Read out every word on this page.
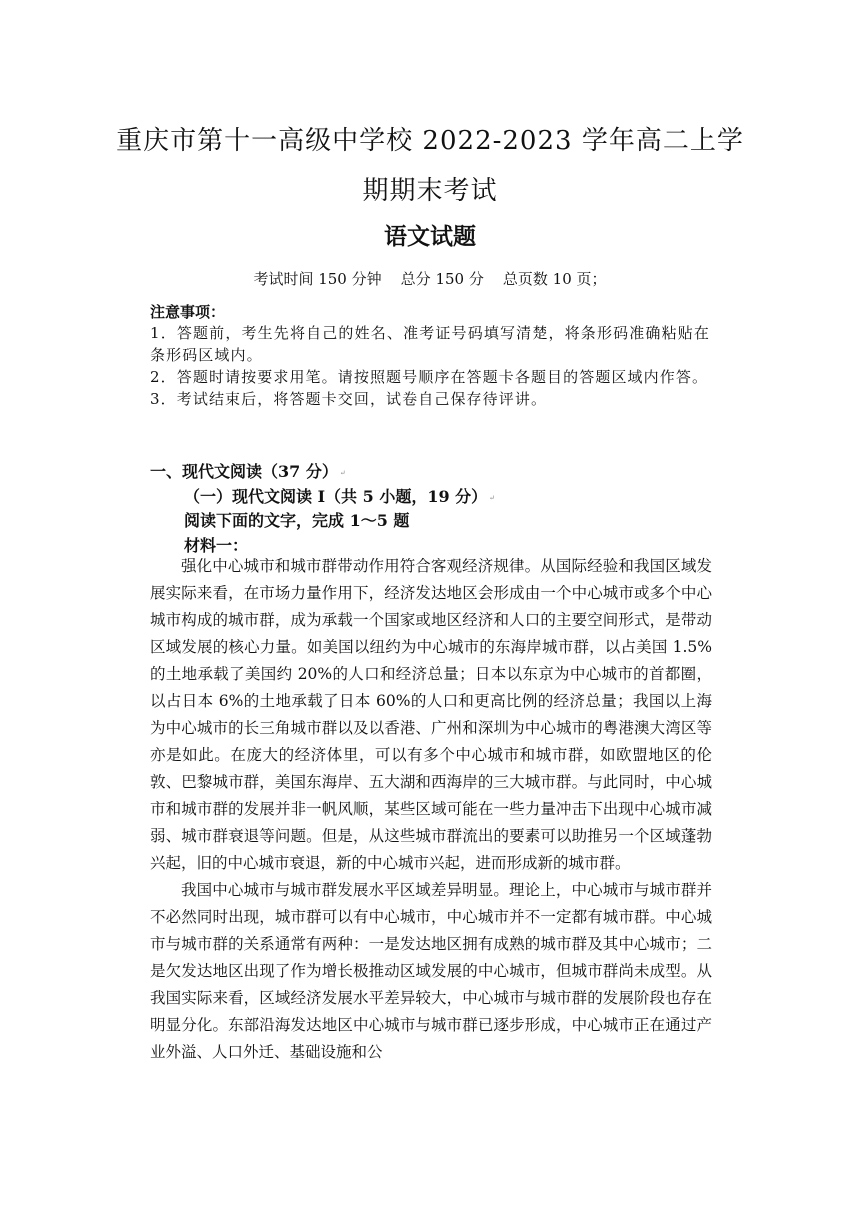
重庆市第十一高级中学校 2022-2023 学年高二上学
期期末考试
语文试题
考试时间 150 分钟    总分 150 分    总页数 10 页；
注意事项：

1．答题前，考生先将自己的姓名、准考证号码填写清楚，将条形码准确粘贴在条形码区域内。

2．答题时请按要求用笔。请按照题号顺序在答题卡各题目的答题区域内作答。

3．考试结束后，将答题卡交回，试卷自己保存待评讲。

一、现代文阅读（37 分） ↵
（一）现代文阅读 I（共 5 小题，19 分） ↵
阅读下面的文字，完成 1～5 题
材料一：

强化中心城市和城市群带动作用符合客观经济规律。从国际经验和我国区域发展实际来看，在市场力量作用下，经济发达地区会形成由一个中心城市或多个中心城市构成的城市群，成为承载一个国家或地区经济和人口的主要空间形式，是带动区域发展的核心力量。如美国以纽约为中心城市的东海岸城市群，以占美国 1.5%的土地承载了美国约 20%的人口和经济总量；日本以东京为中心城市的首都圈，以占日本 6%的土地承载了日本 60%的人口和更高比例的经济总量；我国以上海为中心城市的长三角城市群以及以香港、广州和深圳为中心城市的粤港澳大湾区等亦是如此。在庞大的经济体里，可以有多个中心城市和城市群，如欧盟地区的伦敦、巴黎城市群，美国东海岸、五大湖和西海岸的三大城市群。与此同时，中心城市和城市群的发展并非一帆风顺，某些区域可能在一些力量冲击下出现中心城市减弱、城市群衰退等问题。但是，从这些城市群流出的要素可以助推另一个区域蓬勃兴起，旧的中心城市衰退，新的中心城市兴起，进而形成新的城市群。

我国中心城市与城市群发展水平区域差异明显。理论上，中心城市与城市群并不必然同时出现，城市群可以有中心城市，中心城市并不一定都有城市群。中心城市与城市群的关系通常有两种：一是发达地区拥有成熟的城市群及其中心城市；二是欠发达地区出现了作为增长极推动区域发展的中心城市，但城市群尚未成型。从我国实际来看，区域经济发展水平差异较大，中心城市与城市群的发展阶段也存在明显分化。东部沿海发达地区中心城市与城市群已逐步形成，中心城市正在通过产业外溢、人口外迁、基础设施和公
